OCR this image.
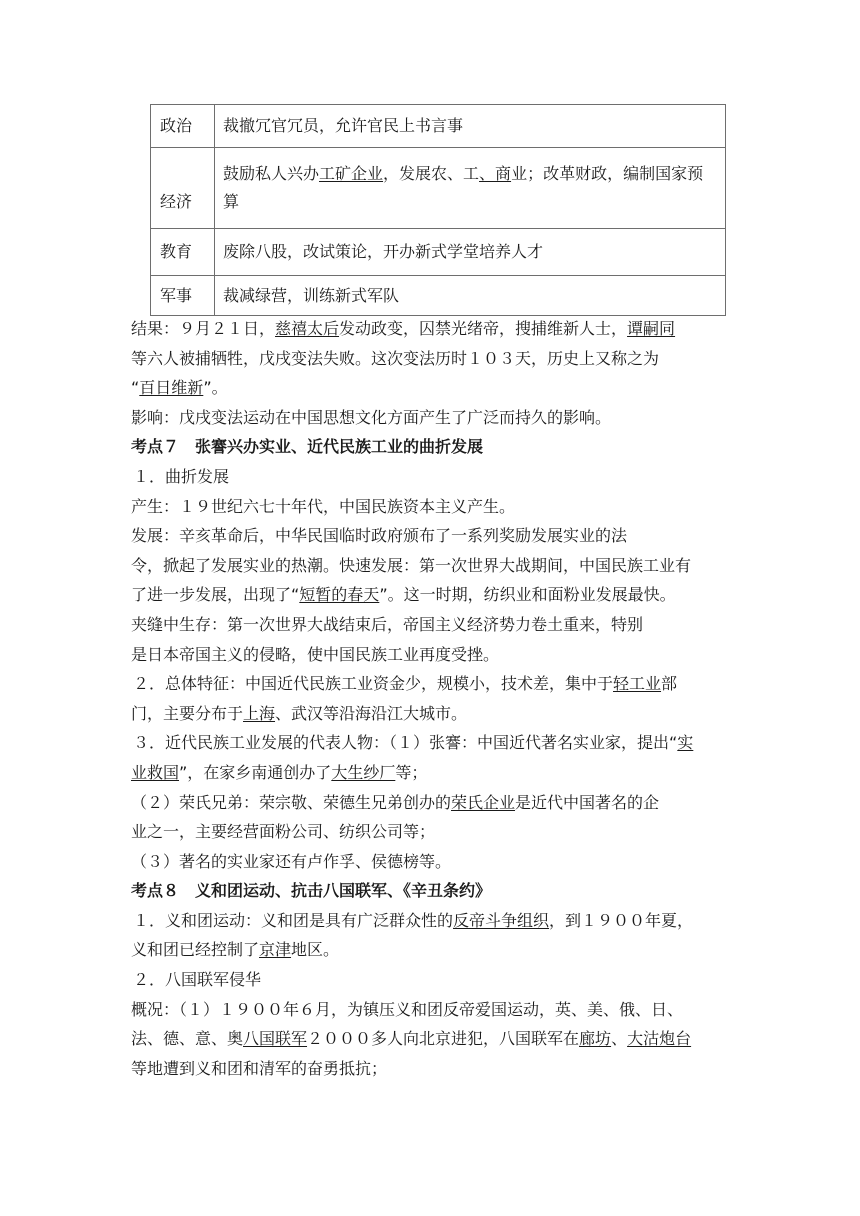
政治	裁撤冗官冗员，允许官民上书言事
经济	鼓励私人兴办工矿企业，发展农、工、商业；改革财政，编制国家预算
教育	废除八股，改试策论，开办新式学堂培养人才
军事	裁减绿营，训练新式军队
结果：９月２１日，慈禧太后发动政变，囚禁光绪帝，搜捕维新人士，谭嗣同
等六人被捕牺牲，戊戌变法失败。这次变法历时１０３天，历史上又称之为
“百日维新”。
影响：戊戌变法运动在中国思想文化方面产生了广泛而持久的影响。
考点７　张謇兴办实业、近代民族工业的曲折发展
１．曲折发展
产生：１９世纪六七十年代，中国民族资本主义产生。
发展：辛亥革命后，中华民国临时政府颁布了一系列奖励发展实业的法
令，掀起了发展实业的热潮。快速发展：第一次世界大战期间，中国民族工业有
了进一步发展，出现了“短暂的春天”。这一时期，纺织业和面粉业发展最快。
夹缝中生存：第一次世界大战结束后，帝国主义经济势力卷土重来，特别
是日本帝国主义的侵略，使中国民族工业再度受挫。
２．总体特征：中国近代民族工业资金少，规模小，技术差，集中于轻工业部
门，主要分布于上海、武汉等沿海沿江大城市。
３．近代民族工业发展的代表人物：（１）张謇：中国近代著名实业家，提出“实
业救国”，在家乡南通创办了大生纱厂等；
（２）荣氏兄弟：荣宗敬、荣德生兄弟创办的荣氏企业是近代中国著名的企
业之一，主要经营面粉公司、纺织公司等；
（３）著名的实业家还有卢作孚、侯德榜等。
考点８　义和团运动、抗击八国联军、《辛丑条约》
１．义和团运动：义和团是具有广泛群众性的反帝斗争组织，到１９００年夏，
义和团已经控制了京津地区。
２．八国联军侵华
概况：（１）１９００年６月，为镇压义和团反帝爱国运动，英、美、俄、日、
法、德、意、奥八国联军２０００多人向北京进犯，八国联军在廊坊、大沽炮台
等地遭到义和团和清军的奋勇抵抗；
